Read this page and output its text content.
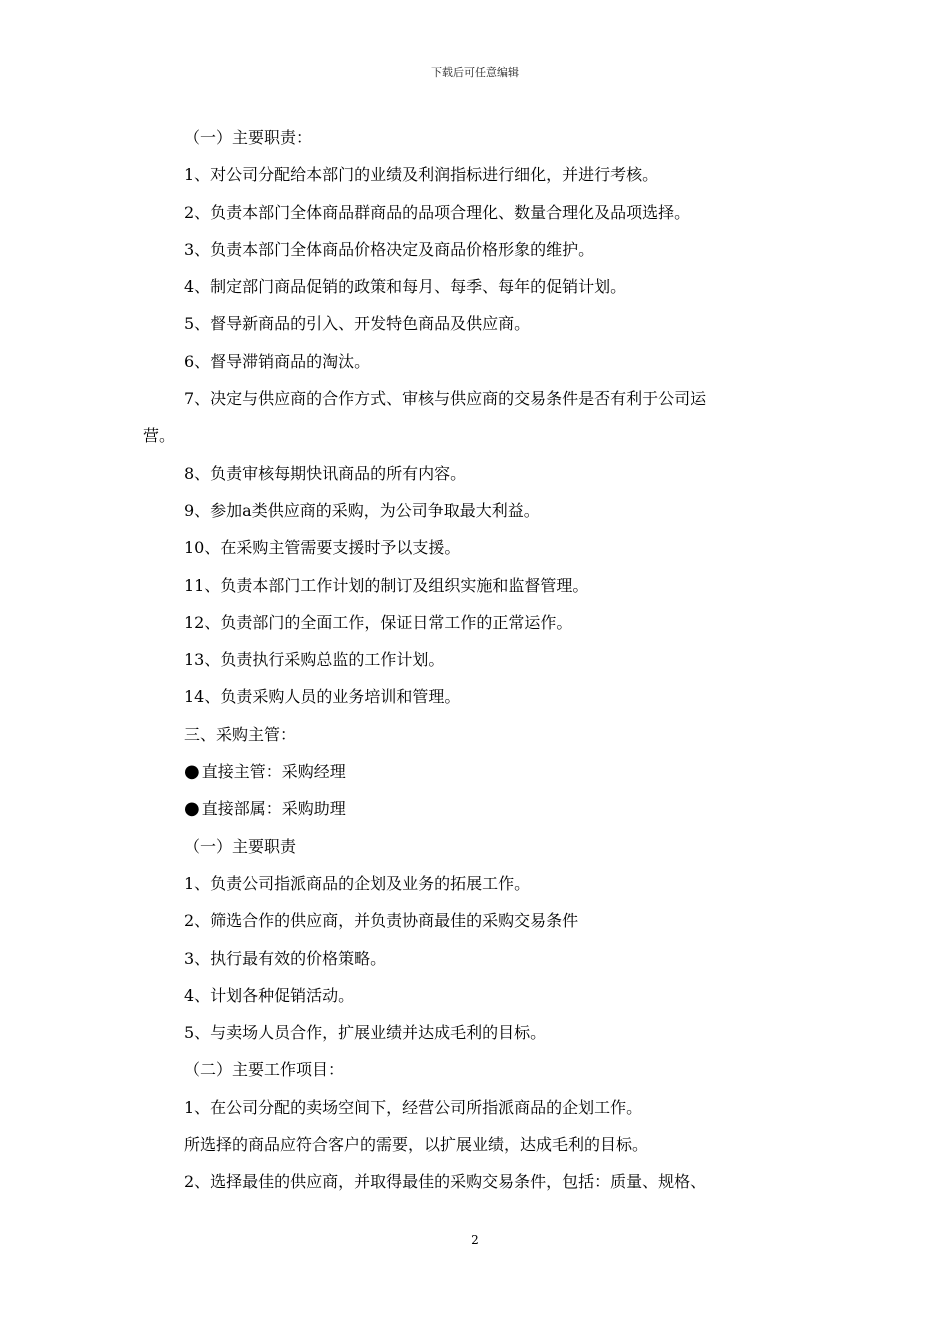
下载后可任意编辑
（一）主要职责：
1、对公司分配给本部门的业绩及利润指标进行细化，并进行考核。
2、负责本部门全体商品群商品的品项合理化、数量合理化及品项选择。
3、负责本部门全体商品价格决定及商品价格形象的维护。
4、制定部门商品促销的政策和每月、每季、每年的促销计划。
5、督导新商品的引入、开发特色商品及供应商。
6、督导滞销商品的淘汰。
7、决定与供应商的合作方式、审核与供应商的交易条件是否有利于公司运
营。
8、负责审核每期快讯商品的所有内容。
9、参加a类供应商的采购，为公司争取最大利益。
10、在采购主管需要支援时予以支援。
11、负责本部门工作计划的制订及组织实施和监督管理。
12、负责部门的全面工作，保证日常工作的正常运作。
13、负责执行采购总监的工作计划。
14、负责采购人员的业务培训和管理。
三、采购主管：
● 直接主管：采购经理
● 直接部属：采购助理
（一）主要职责
1、负责公司指派商品的企划及业务的拓展工作。
2、筛选合作的供应商，并负责协商最佳的采购交易条件
3、执行最有效的价格策略。
4、计划各种促销活动。
5、与卖场人员合作，扩展业绩并达成毛利的目标。
（二）主要工作项目：
1、在公司分配的卖场空间下，经营公司所指派商品的企划工作。
所选择的商品应符合客户的需要，以扩展业绩，达成毛利的目标。
2、选择最佳的供应商，并取得最佳的采购交易条件，包括：质量、规格、
2
